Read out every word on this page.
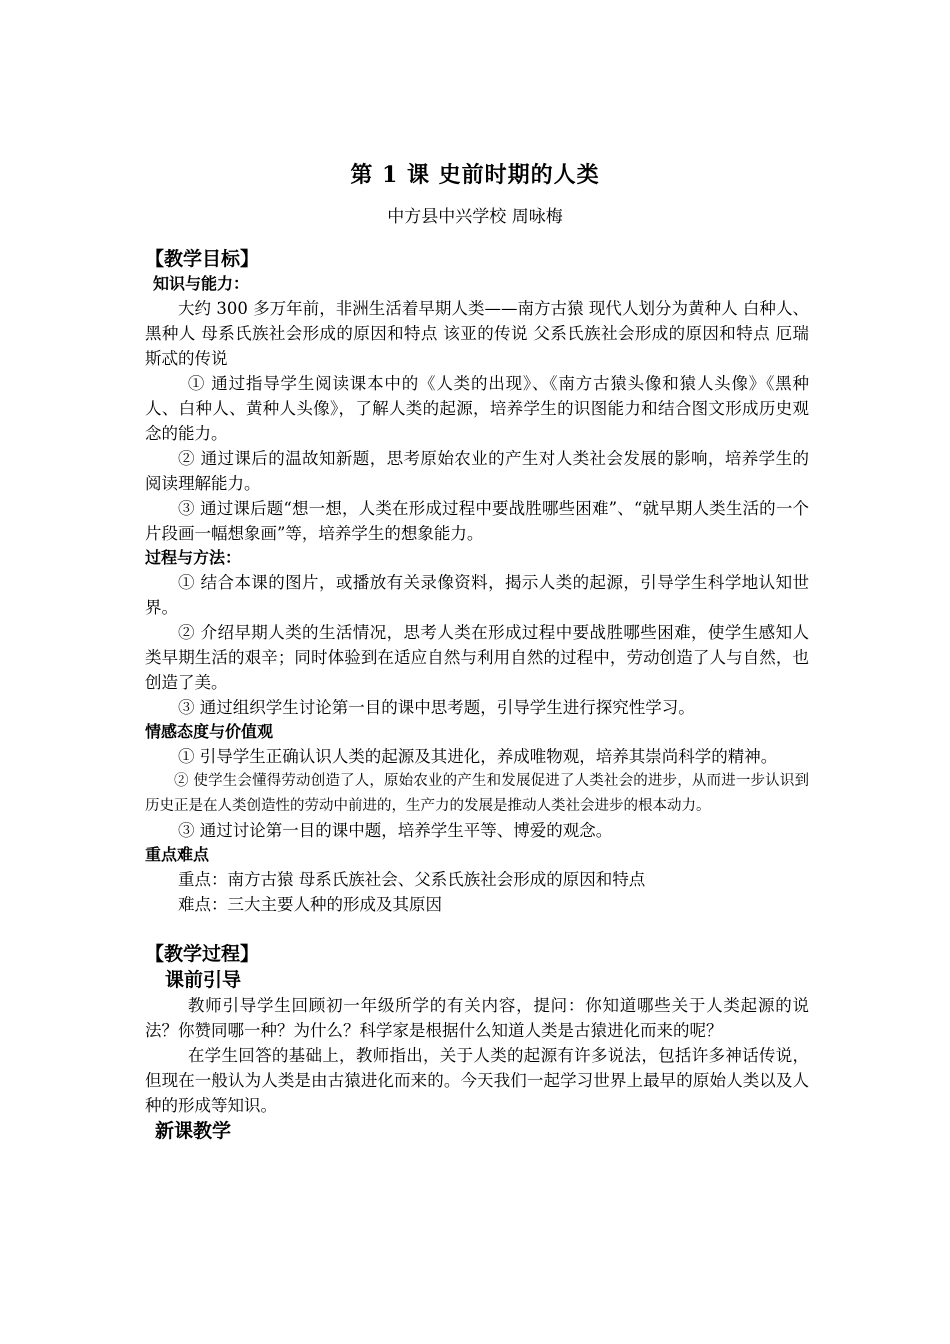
第 1 课 史前时期的人类
中方县中兴学校 周咏梅

【教学目标】

知识与能力：

大约 300 多万年前，非洲生活着早期人类——南方古猿 现代人划分为黄种人 白种人、黑种人 母系氏族社会形成的原因和特点 该亚的传说 父系氏族社会形成的原因和特点 厄瑞斯忒的传说

① 通过指导学生阅读课本中的《人类的出现》、《南方古猿头像和猿人头像》《黑种人、白种人、黄种人头像》，了解人类的起源，培养学生的识图能力和结合图文形成历史观念的能力。

② 通过课后的温故知新题，思考原始农业的产生对人类社会发展的影响，培养学生的阅读理解能力。

③ 通过课后题“想一想，人类在形成过程中要战胜哪些困难”、“就早期人类生活的一个片段画一幅想象画”等，培养学生的想象能力。

过程与方法：

① 结合本课的图片，或播放有关录像资料，揭示人类的起源，引导学生科学地认知世界。

② 介绍早期人类的生活情况，思考人类在形成过程中要战胜哪些困难，使学生感知人类早期生活的艰辛；同时体验到在适应自然与利用自然的过程中，劳动创造了人与自然，也创造了美。

③ 通过组织学生讨论第一目的课中思考题，引导学生进行探究性学习。

情感态度与价值观

① 引导学生正确认识人类的起源及其进化，养成唯物观，培养其崇尚科学的精神。

② 使学生会懂得劳动创造了人，原始农业的产生和发展促进了人类社会的进步，从而进一步认识到历史正是在人类创造性的劳动中前进的，生产力的发展是推动人类社会进步的根本动力。

③ 通过讨论第一目的课中题，培养学生平等、博爱的观念。

重点难点

重点：南方古猿 母系氏族社会、父系氏族社会形成的原因和特点

难点：三大主要人种的形成及其原因

【教学过程】

课前引导

教师引导学生回顾初一年级所学的有关内容，提问：你知道哪些关于人类起源的说法？你赞同哪一种？为什么？科学家是根据什么知道人类是古猿进化而来的呢？

在学生回答的基础上，教师指出，关于人类的起源有许多说法，包括许多神话传说，但现在一般认为人类是由古猿进化而来的。今天我们一起学习世界上最早的原始人类以及人种的形成等知识。

新课教学
